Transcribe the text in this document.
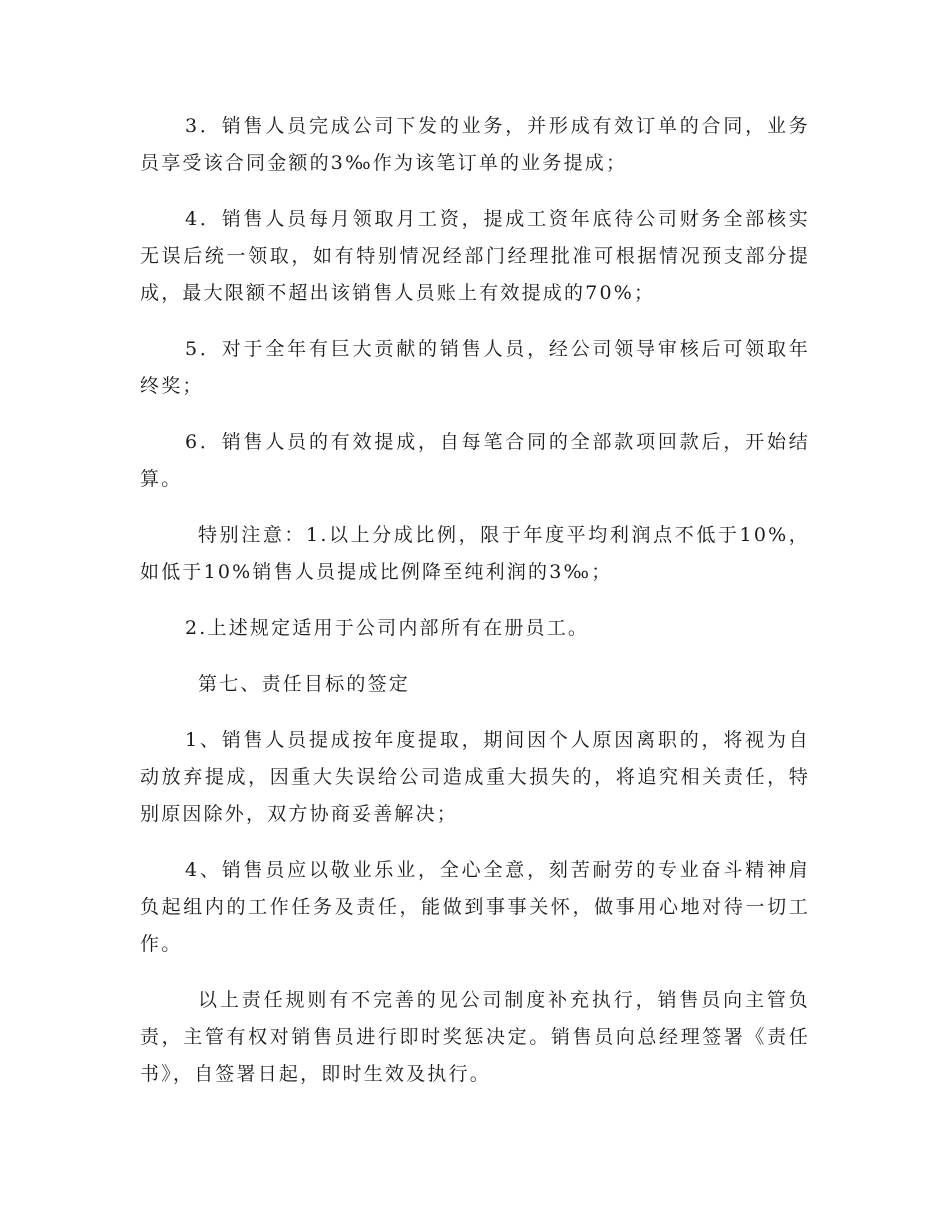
3．销售人员完成公司下发的业务，并形成有效订单的合同，业务员享受该合同金额的3‰作为该笔订单的业务提成；

4．销售人员每月领取月工资，提成工资年底待公司财务全部核实无误后统一领取，如有特别情况经部门经理批准可根据情况预支部分提成，最大限额不超出该销售人员账上有效提成的70%；

5．对于全年有巨大贡献的销售人员，经公司领导审核后可领取年终奖；

6．销售人员的有效提成，自每笔合同的全部款项回款后，开始结算。

特别注意：1.以上分成比例，限于年度平均利润点不低于10%，如低于10%销售人员提成比例降至纯利润的3‰；

2.上述规定适用于公司内部所有在册员工。

第七、责任目标的签定

1、销售人员提成按年度提取，期间因个人原因离职的，将视为自动放弃提成，因重大失误给公司造成重大损失的，将追究相关责任，特别原因除外，双方协商妥善解决；

4、销售员应以敬业乐业，全心全意，刻苦耐劳的专业奋斗精神肩负起组内的工作任务及责任，能做到事事关怀，做事用心地对待一切工作。

以上责任规则有不完善的见公司制度补充执行，销售员向主管负责，主管有权对销售员进行即时奖惩决定。销售员向总经理签署《责任书》，自签署日起，即时生效及执行。
